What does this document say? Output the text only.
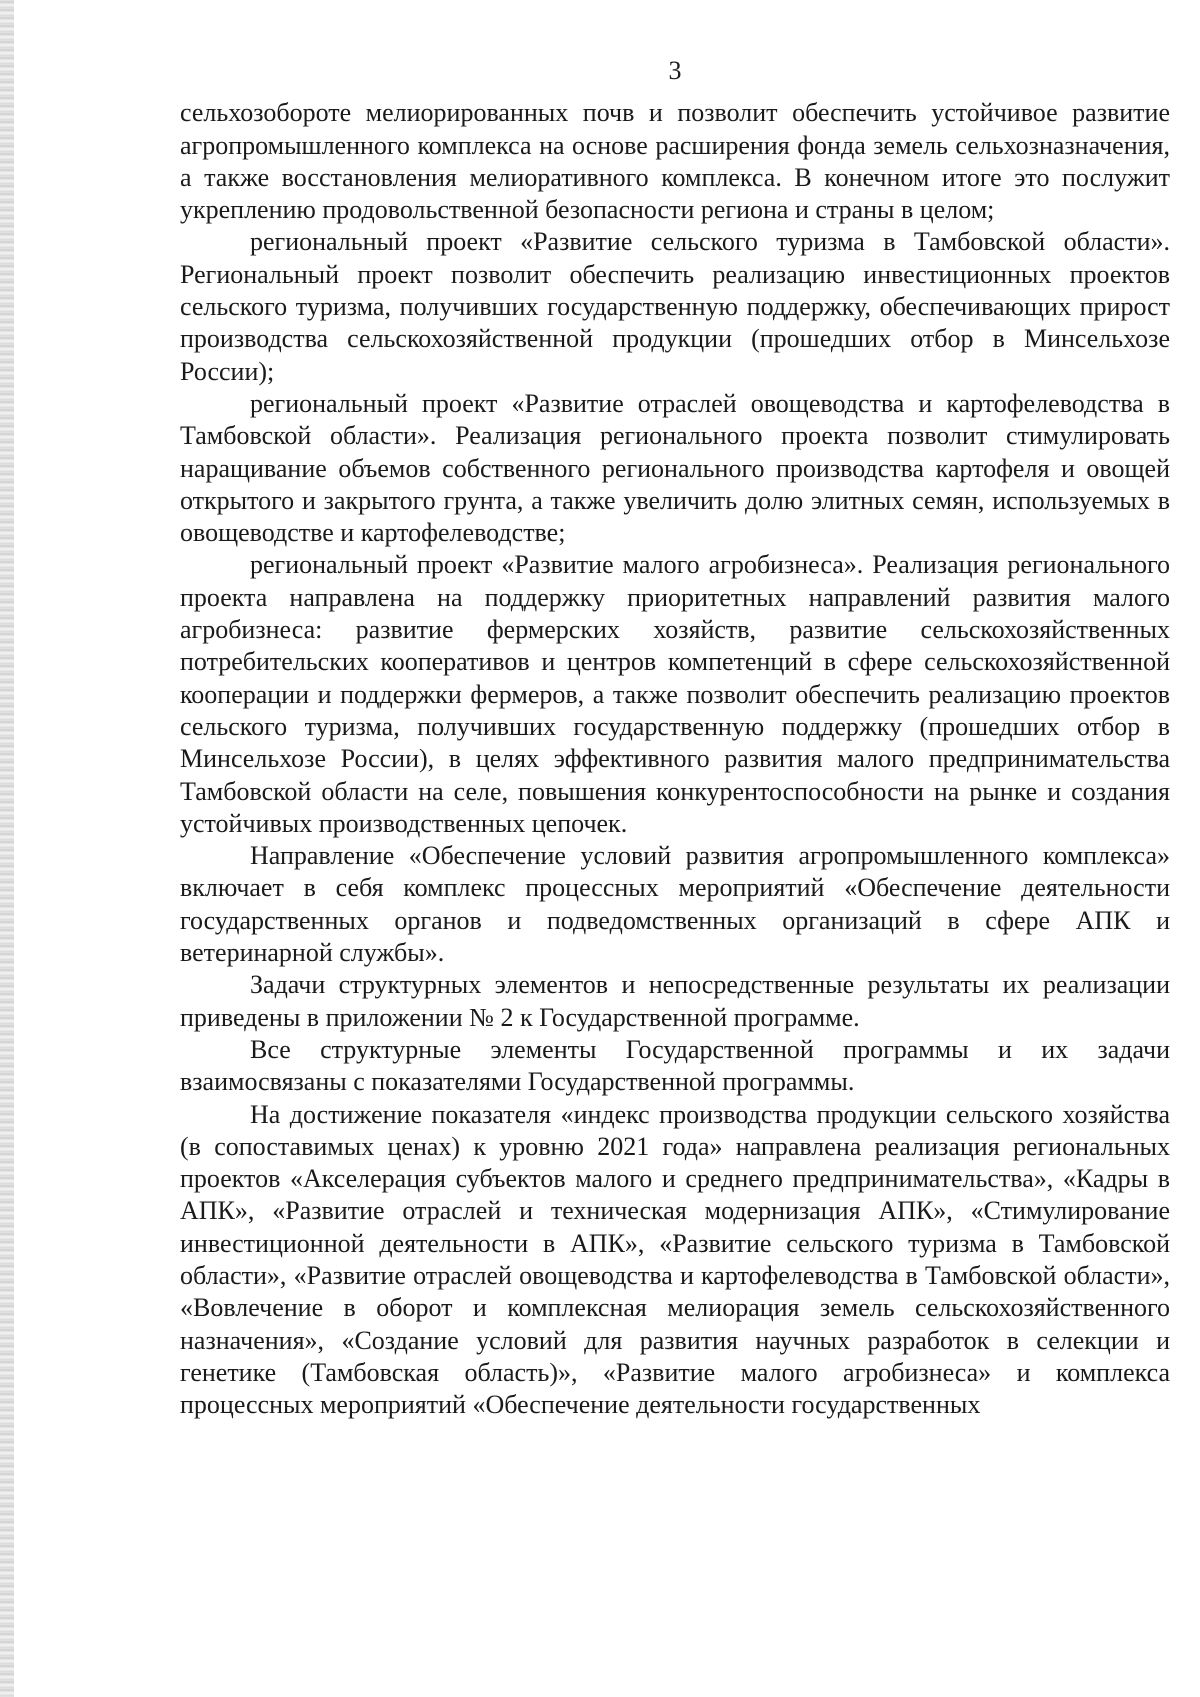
3

сельхозобороте мелиорированных почв и позволит обеспечить устойчивое развитие агропромышленного комплекса на основе расширения фонда земель сельхозназначения, а также восстановления мелиоративного комплекса. В конечном итоге это послужит укреплению продовольственной безопасности региона и страны в целом;

региональный проект «Развитие сельского туризма в Тамбовской области». Региональный проект позволит обеспечить реализацию инвестиционных проектов сельского туризма, получивших государственную поддержку, обеспечивающих прирост производства сельскохозяйственной продукции (прошедших отбор в Минсельхозе России);

региональный проект «Развитие отраслей овощеводства и картофелеводства в Тамбовской области». Реализация регионального проекта позволит стимулировать наращивание объемов собственного регионального производства картофеля и овощей открытого и закрытого грунта, а также увеличить долю элитных семян, используемых в овощеводстве и картофелеводстве;

региональный проект «Развитие малого агробизнеса». Реализация регионального проекта направлена на поддержку приоритетных направлений развития малого агробизнеса: развитие фермерских хозяйств, развитие сельскохозяйственных потребительских кооперативов и центров компетенций в сфере сельскохозяйственной кооперации и поддержки фермеров, а также позволит обеспечить реализацию проектов сельского туризма, получивших государственную поддержку (прошедших отбор в Минсельхозе России), в целях эффективного развития малого предпринимательства Тамбовской области на селе, повышения конкурентоспособности на рынке и создания устойчивых производственных цепочек.

Направление «Обеспечение условий развития агропромышленного комплекса» включает в себя комплекс процессных мероприятий «Обеспечение деятельности государственных органов и подведомственных организаций в сфере АПК и ветеринарной службы».

Задачи структурных элементов и непосредственные результаты их реализации приведены в приложении № 2 к Государственной программе.

Все структурные элементы Государственной программы и их задачи взаимосвязаны с показателями Государственной программы.

На достижение показателя «индекс производства продукции сельского хозяйства (в сопоставимых ценах) к уровню 2021 года» направлена реализация региональных проектов «Акселерация субъектов малого и среднего предпринимательства», «Кадры в АПК», «Развитие отраслей и техническая модернизация АПК», «Стимулирование инвестиционной деятельности в АПК», «Развитие сельского туризма в Тамбовской области», «Развитие отраслей овощеводства и картофелеводства в Тамбовской области», «Вовлечение в оборот и комплексная мелиорация земель сельскохозяйственного назначения», «Создание условий для развития научных разработок в селекции и генетике (Тамбовская область)», «Развитие малого агробизнеса» и комплекса процессных мероприятий «Обеспечение деятельности государственных
